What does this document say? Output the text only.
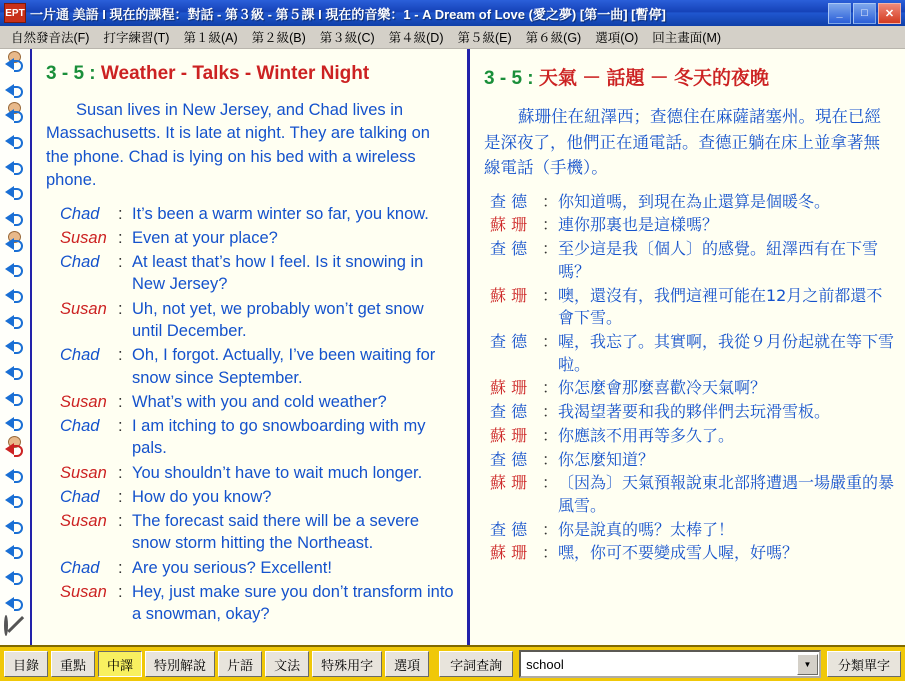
EPT 一片通 美語 I 現在的課程：對話 - 第３級 - 第５課 I 現在的音樂：1 - A Dream of Love (愛之夢) [第一曲] [暫停]	_	□	✕
自然發音法(F)	打字練習(T)	第１級(A)	第２級(B)	第３級(C)	第４級(D)	第５級(E)	第６級(G)	選項(O)	回主畫面(M)
3 - 5 : Weather - Talks - Winter Night
Susan lives in New Jersey, and Chad lives in Massachusetts. It is late at night. They are talking on the phone. Chad is lying on his bed with a wireless phone.
Chad	: It’s been a warm winter so far, you know.
Susan : Even at your place?
Chad	: At least that’s how I feel. Is it snowing in New Jersey?
Susan : Uh, not yet, we probably won’t get snow until December.
Chad	: Oh, I forgot. Actually, I’ve been waiting for snow since September.
Susan : What’s with you and cold weather?
Chad	: I am itching to go snowboarding with my pals.
Susan : You shouldn’t have to wait much longer.
Chad	: How do you know?
Susan : The forecast said there will be a severe snow storm hitting the Northeast.
Chad	: Are you serious? Excellent!
Susan : Hey, just make sure you don’t transform into a snowman, okay?
3 - 5 : 天氣 － 話題 － 冬天的夜晚
蘇珊住在紐澤西；查德住在麻薩諸塞州。現在已經是深夜了，他們正在通電話。查德正躺在床上並拿著無線電話（手機）。
查 德 ： 你知道嗎，到現在為止還算是個暖冬。
蘇 珊 ： 連你那裏也是這樣嗎？
查 德 ： 至少這是我〔個人〕的感覺。紐澤西有在下雪嗎？
蘇 珊 ： 噢，還沒有，我們這裡可能在12月之前都還不會下雪。
查 德 ： 喔，我忘了。其實啊，我從９月份起就在等下雪啦。
蘇 珊 ： 你怎麼會那麼喜歡冷天氣啊？
查 德 ： 我渴望著要和我的夥伴們去玩滑雪板。
蘇 珊 ： 你應該不用再等多久了。
查 德 ： 你怎麼知道？
蘇 珊 ： 〔因為〕天氣預報說東北部將遭遇一場嚴重的暴風雪。
查 德 ： 你是說真的嗎？太棒了！
蘇 珊 ： 嘿，你可不要變成雪人喔，好嗎？
目錄	重點	中譯	特別解說	片語	文法	特殊用字	選項	字詞查詢	school	▼	分類單字
